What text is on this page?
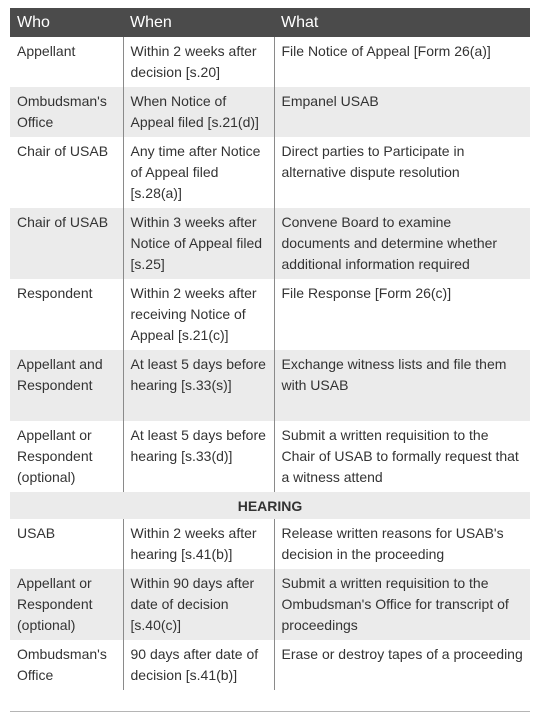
Who	When	What
Appellant	Within 2 weeks after decision [s.20]	File Notice of Appeal [Form 26(a)]
Ombudsman's Office	When Notice of Appeal filed [s.21(d)]	Empanel USAB
Chair of USAB	Any time after Notice of Appeal filed [s.28(a)]	Direct parties to Participate in alternative dispute resolution
Chair of USAB	Within 3 weeks after Notice of Appeal filed [s.25]	Convene Board to examine documents and determine whether additional information required
Respondent	Within 2 weeks after receiving Notice of Appeal [s.21(c)]	File Response [Form 26(c)]
Appellant and Respondent	At least 5 days before hearing [s.33(s)]	Exchange witness lists and file them with USAB
Appellant or Respondent (optional)	At least 5 days before hearing [s.33(d)]	Submit a written requisition to the Chair of USAB to formally request that a witness attend
HEARING		
USAB	Within 2 weeks after hearing [s.41(b)]	Release written reasons for USAB's decision in the proceeding
Appellant or Respondent (optional)	Within 90 days after date of decision [s.40(c)]	Submit a written requisition to the Ombudsman's Office for transcript of proceedings
Ombudsman's Office	90 days after date of decision [s.41(b)]	Erase or destroy tapes of a proceeding
